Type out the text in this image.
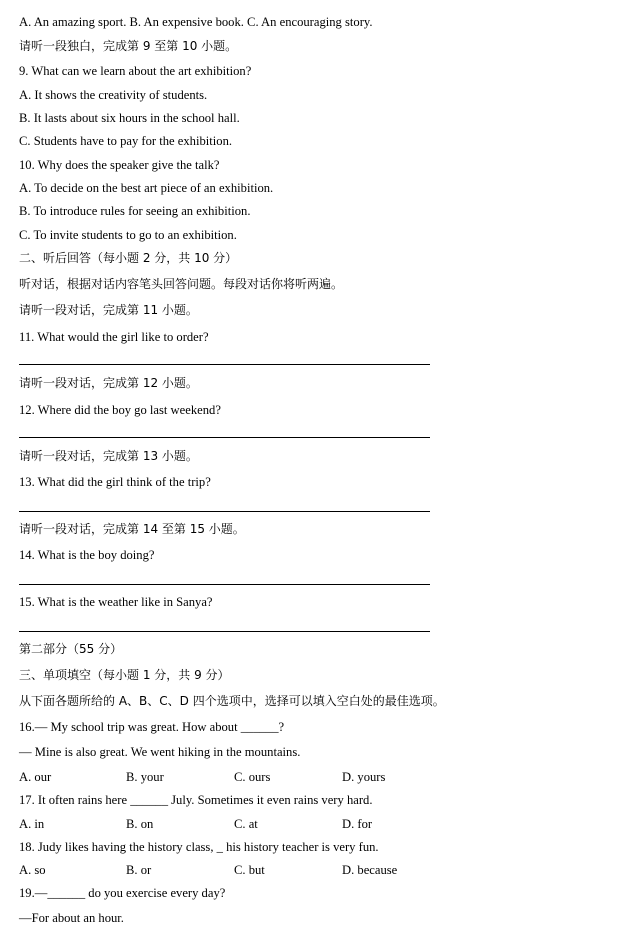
A. An amazing sport. B. An expensive book. C. An encouraging story.
请听一段独白，完成第 9 至第 10 小题。
9. What can we learn about the art exhibition?
A. It shows the creativity of students.
B. It lasts about six hours in the school hall.
C. Students have to pay for the exhibition.
10. Why does the speaker give the talk?
A. To decide on the best art piece of an exhibition.
B. To introduce rules for seeing an exhibition.
C. To invite students to go to an exhibition.
二、听后回答（每小题 2 分，共 10 分）
听对话，根据对话内容笔头回答问题。每段对话你将听两遍。
请听一段对话，完成第 11 小题。
11. What would the girl like to order?
请听一段对话，完成第 12 小题。
12. Where did the boy go last weekend?
请听一段对话，完成第 13 小题。
13. What did the girl think of the trip?
请听一段对话，完成第 14 至第 15 小题。
14. What is the boy doing?
15. What is the weather like in Sanya?
第二部分（55 分）
三、单项填空（每小题 1 分，共 9 分）
从下面各题所给的 A、B、C、D 四个选项中，选择可以填入空白处的最佳选项。
16.— My school trip was great. How about ______?
— Mine is also great. We went hiking in the mountains.
A. our	B. your	C. ours	D. yours
17. It often rains here ______ July. Sometimes it even rains very hard.
A. in	B. on	C. at	D. for
18. Judy likes having the history class, _ his history teacher is very fun.
A. so	B. or	C. but	D. because
19.—______ do you exercise every day?
—For about an hour.
